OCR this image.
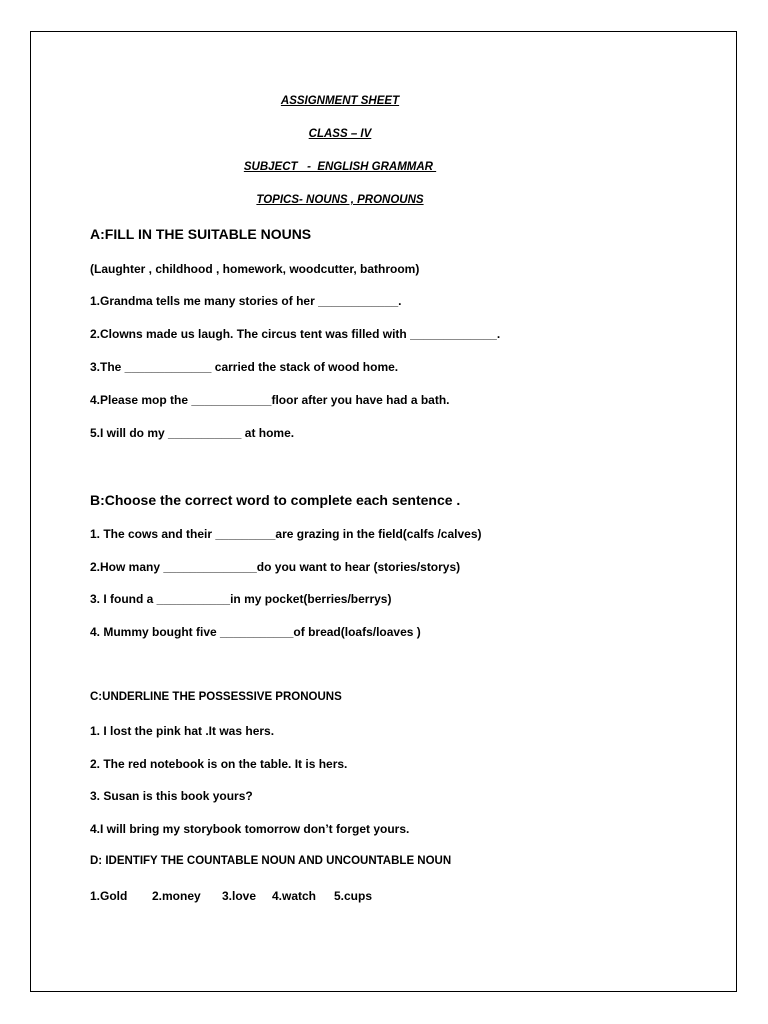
ASSIGNMENT SHEET
CLASS – IV
SUBJECT   -  ENGLISH GRAMMAR
TOPICS- NOUNS , PRONOUNS
A:FILL IN THE SUITABLE NOUNS
(Laughter , childhood , homework, woodcutter, bathroom)
1.Grandma tells me many stories of her ____________.
2.Clowns made us laugh. The circus tent was filled with _____________.
3.The _____________ carried the stack of wood home.
4.Please mop the ____________floor after you have had a bath.
5.I will do my ___________ at home.
B:Choose the correct word to complete each sentence .
1. The cows and their _________are grazing in the field(calfs /calves)
2.How many ______________do you want to hear (stories/storys)
3. I found a ___________in my pocket(berries/berrys)
4. Mummy bought five ___________of bread(loafs/loaves )
C:UNDERLINE THE POSSESSIVE PRONOUNS
1. I lost the pink hat .It was hers.
2. The red notebook is on the table. It is hers.
3. Susan is this book yours?
4.I will bring my storybook tomorrow don’t forget yours.
D: IDENTIFY THE COUNTABLE NOUN AND UNCOUNTABLE NOUN
1.Gold 2.money 3.love 4.watch 5.cups
